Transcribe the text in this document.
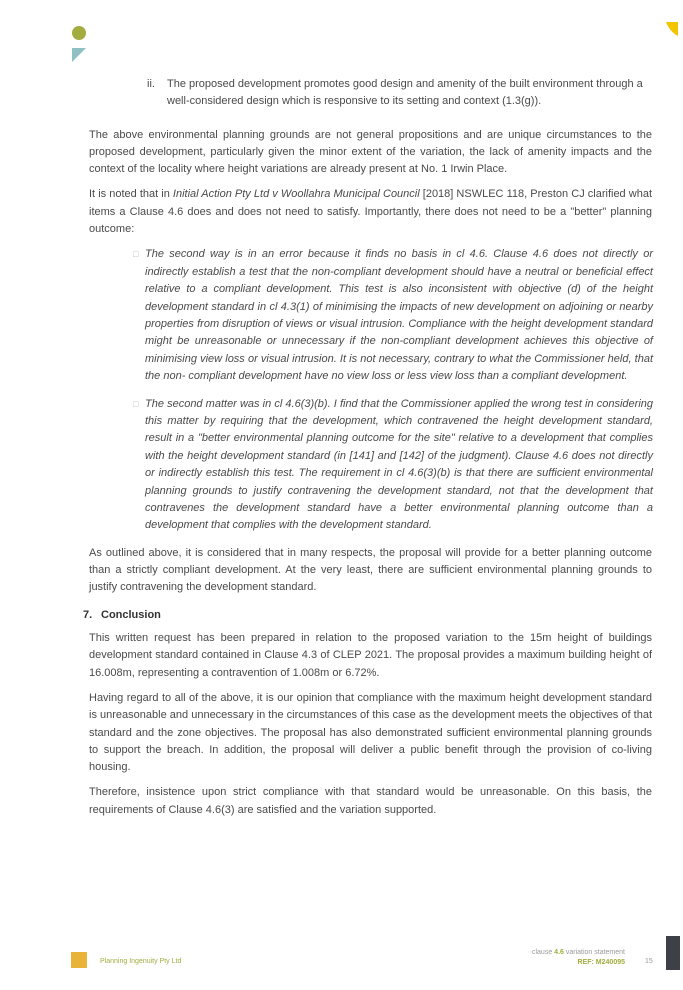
ii.	The proposed development promotes good design and amenity of the built environment through a well-considered design which is responsive to its setting and context (1.3(g)).

The above environmental planning grounds are not general propositions and are unique circumstances to the proposed development, particularly given the minor extent of the variation, the lack of amenity impacts and the context of the locality where height variations are already present at No. 1 Irwin Place.

It is noted that in Initial Action Pty Ltd v Woollahra Municipal Council [2018] NSWLEC 118, Preston CJ clarified what items a Clause 4.6 does and does not need to satisfy. Importantly, there does not need to be a "better" planning outcome:

□ The second way is in an error because it finds no basis in cl 4.6. Clause 4.6 does not directly or indirectly establish a test that the non-compliant development should have a neutral or beneficial effect relative to a compliant development. This test is also inconsistent with objective (d) of the height development standard in cl 4.3(1) of minimising the impacts of new development on adjoining or nearby properties from disruption of views or visual intrusion. Compliance with the height development standard might be unreasonable or unnecessary if the non-compliant development achieves this objective of minimising view loss or visual intrusion. It is not necessary, contrary to what the Commissioner held, that the non- compliant development have no view loss or less view loss than a compliant development.
□ The second matter was in cl 4.6(3)(b). I find that the Commissioner applied the wrong test in considering this matter by requiring that the development, which contravened the height development standard, result in a "better environmental planning outcome for the site" relative to a development that complies with the height development standard (in [141] and [142] of the judgment). Clause 4.6 does not directly or indirectly establish this test. The requirement in cl 4.6(3)(b) is that there are sufficient environmental planning grounds to justify contravening the development standard, not that the development that contravenes the development standard have a better environmental planning outcome than a development that complies with the development standard.

As outlined above, it is considered that in many respects, the proposal will provide for a better planning outcome than a strictly compliant development. At the very least, there are sufficient environmental planning grounds to justify contravening the development standard.

7. Conclusion

This written request has been prepared in relation to the proposed variation to the 15m height of buildings development standard contained in Clause 4.3 of CLEP 2021. The proposal provides a maximum building height of 16.008m, representing a contravention of 1.008m or 6.72%.

Having regard to all of the above, it is our opinion that compliance with the maximum height development standard is unreasonable and unnecessary in the circumstances of this case as the development meets the objectives of that standard and the zone objectives. The proposal has also demonstrated sufficient environmental planning grounds to support the breach. In addition, the proposal will deliver a public benefit through the provision of co-living housing.

Therefore, insistence upon strict compliance with that standard would be unreasonable. On this basis, the requirements of Clause 4.6(3) are satisfied and the variation supported.

Planning Ingenuity Pty Ltd
clause 4.6 variation statement
REF: M240095	15
